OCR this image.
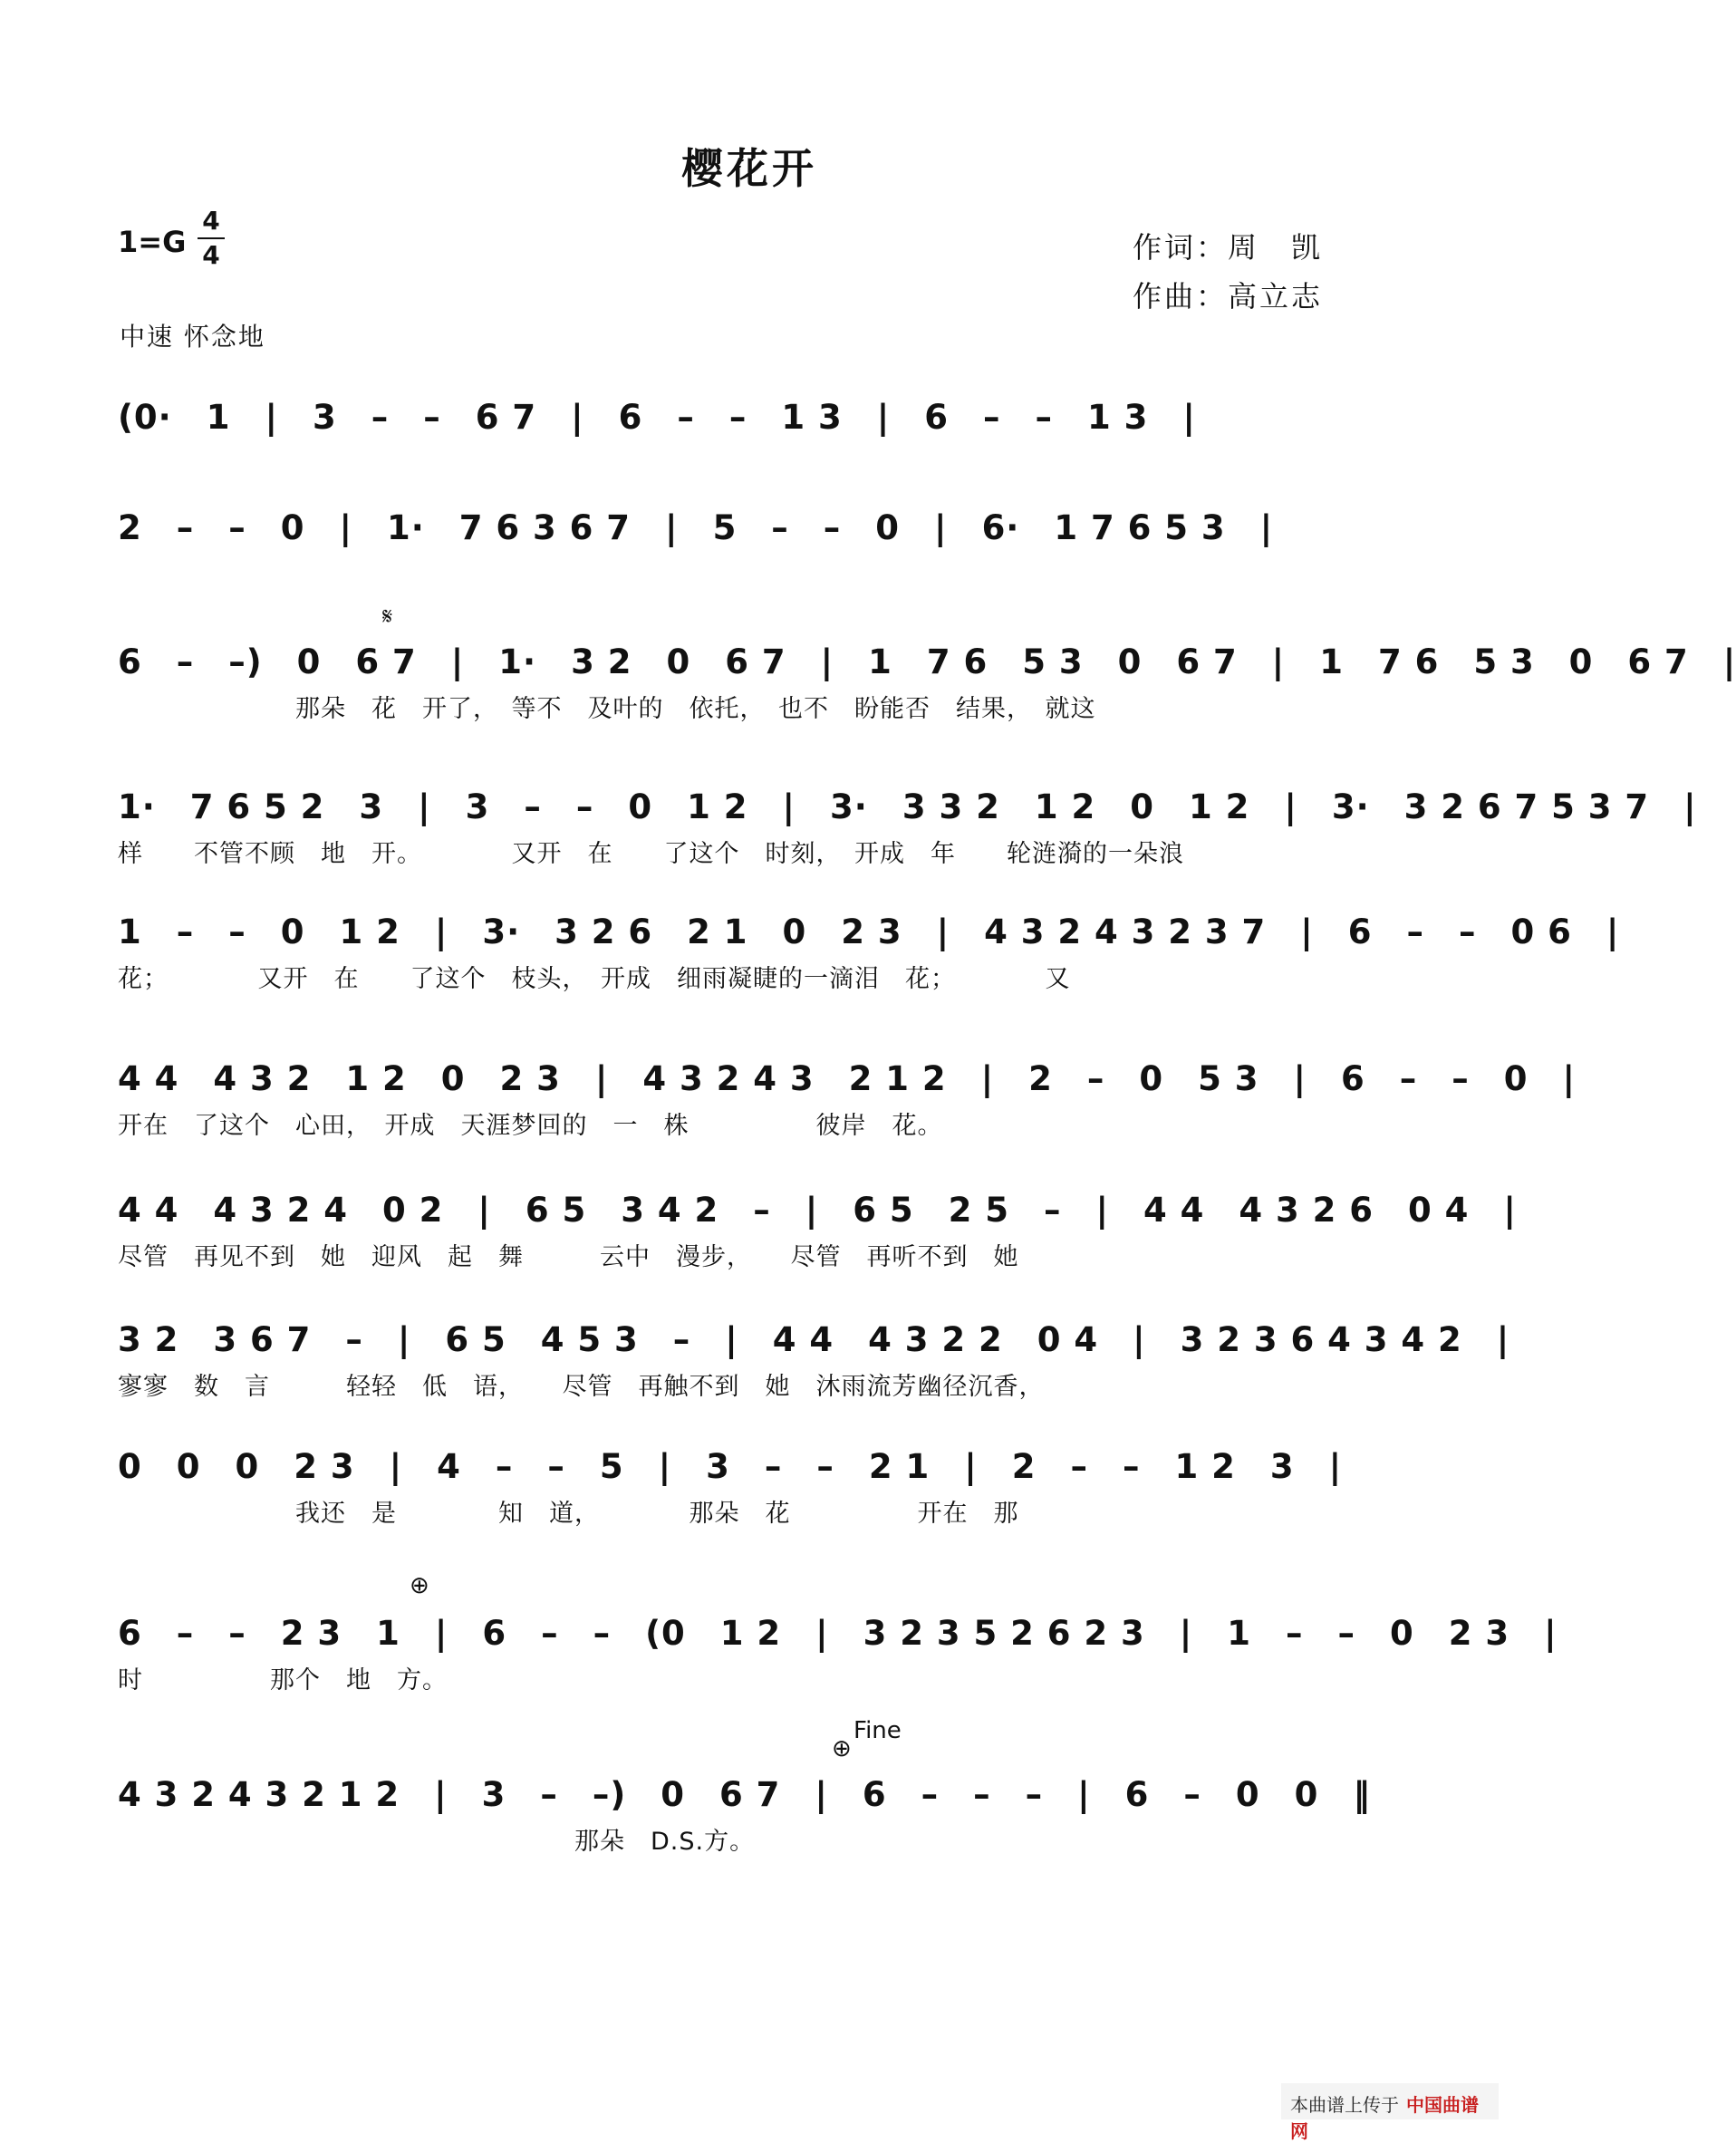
樱花开
1=G
4
4	作词：周　凯
作曲：高立志
中速 怀念地
(0·　1　|　3　–　–　6 7　|　6　–　–　1 3　|　6　–　–　1 3　|
2　–　–　0　|　1·　7 6 3 6 7　|　5　–　–　0　|　6·　1 7 6 5 3　|
6　–　–)　0　6 7　|　1·　3 2　0　6 7　|　1　7 6　5 3　0　6 7　|　1　7 6　5 3　0　6 7　|
　　　　　　　那朵　花　开了，　等不　及叶的　依托，　也不　盼能否　结果，　就这
1·　7 6 5 2　3　|　3　–　–　0　1 2　|　3·　3 3 2　1 2　0　1 2　|　3·　3 2 6 7 5 3 7　|
样　　不管不顾　地　开。　　　　又开　在　　了这个　时刻，　开成　年　　轮涟漪的一朵浪
1　–　–　0　1 2　|　3·　3 2 6　2 1　0　2 3　|　4 3 2 4 3 2 3 7　|　6　–　–　0 6　|
花；　　　　又开　在　　了这个　枝头，　开成　细雨凝睫的一滴泪　花；　　　　又
4 4　4 3 2　1 2　0　2 3　|　4 3 2 4 3　2 1 2　|　2　–　0　5 3　|　6　–　–　0　|
开在　了这个　心田，　开成　天涯梦回的　一　株　　　　　彼岸　花。
4 4　4 3 2 4　0 2　|　6 5　3 4 2　–　|　6 5　2 5　–　|　4 4　4 3 2 6　0 4　|
尽管　再见不到　她　迎风　起　舞　　　云中　漫步，　　尽管　再听不到　她
3 2　3 6 7　–　|　6 5　4 5 3　–　|　4 4　4 3 2 2　0 4　|　3 2 3 6 4 3 4 2　|
寥寥　数　言　　　轻轻　低　语，　　尽管　再触不到　她　沐雨流芳幽径沉香，
0　0　0　2 3　|　4　–　–　5　|　3　–　–　2 1　|　2　–　–　1 2　3　|
　　　　　　　我还　是　　　　知　道，　　　　那朵　花　　　　　开在　那
6　–　–　2 3　1　|　6　–　–　(0　1 2　|　3 2 3 5 2 6 2 3　|　1　–　–　0　2 3　|
时　　　　　那个　地　方。
4 3 2 4 3 2 1 2　|　3　–　–)　0　6 7　|　6　–　–　–　|　6　–　0　0　‖
　　　　　　　　　　　　　　　　　　那朵　D.S.方。
𝄋
⊕
⊕
Fine
本曲谱上传于 中国曲谱网
